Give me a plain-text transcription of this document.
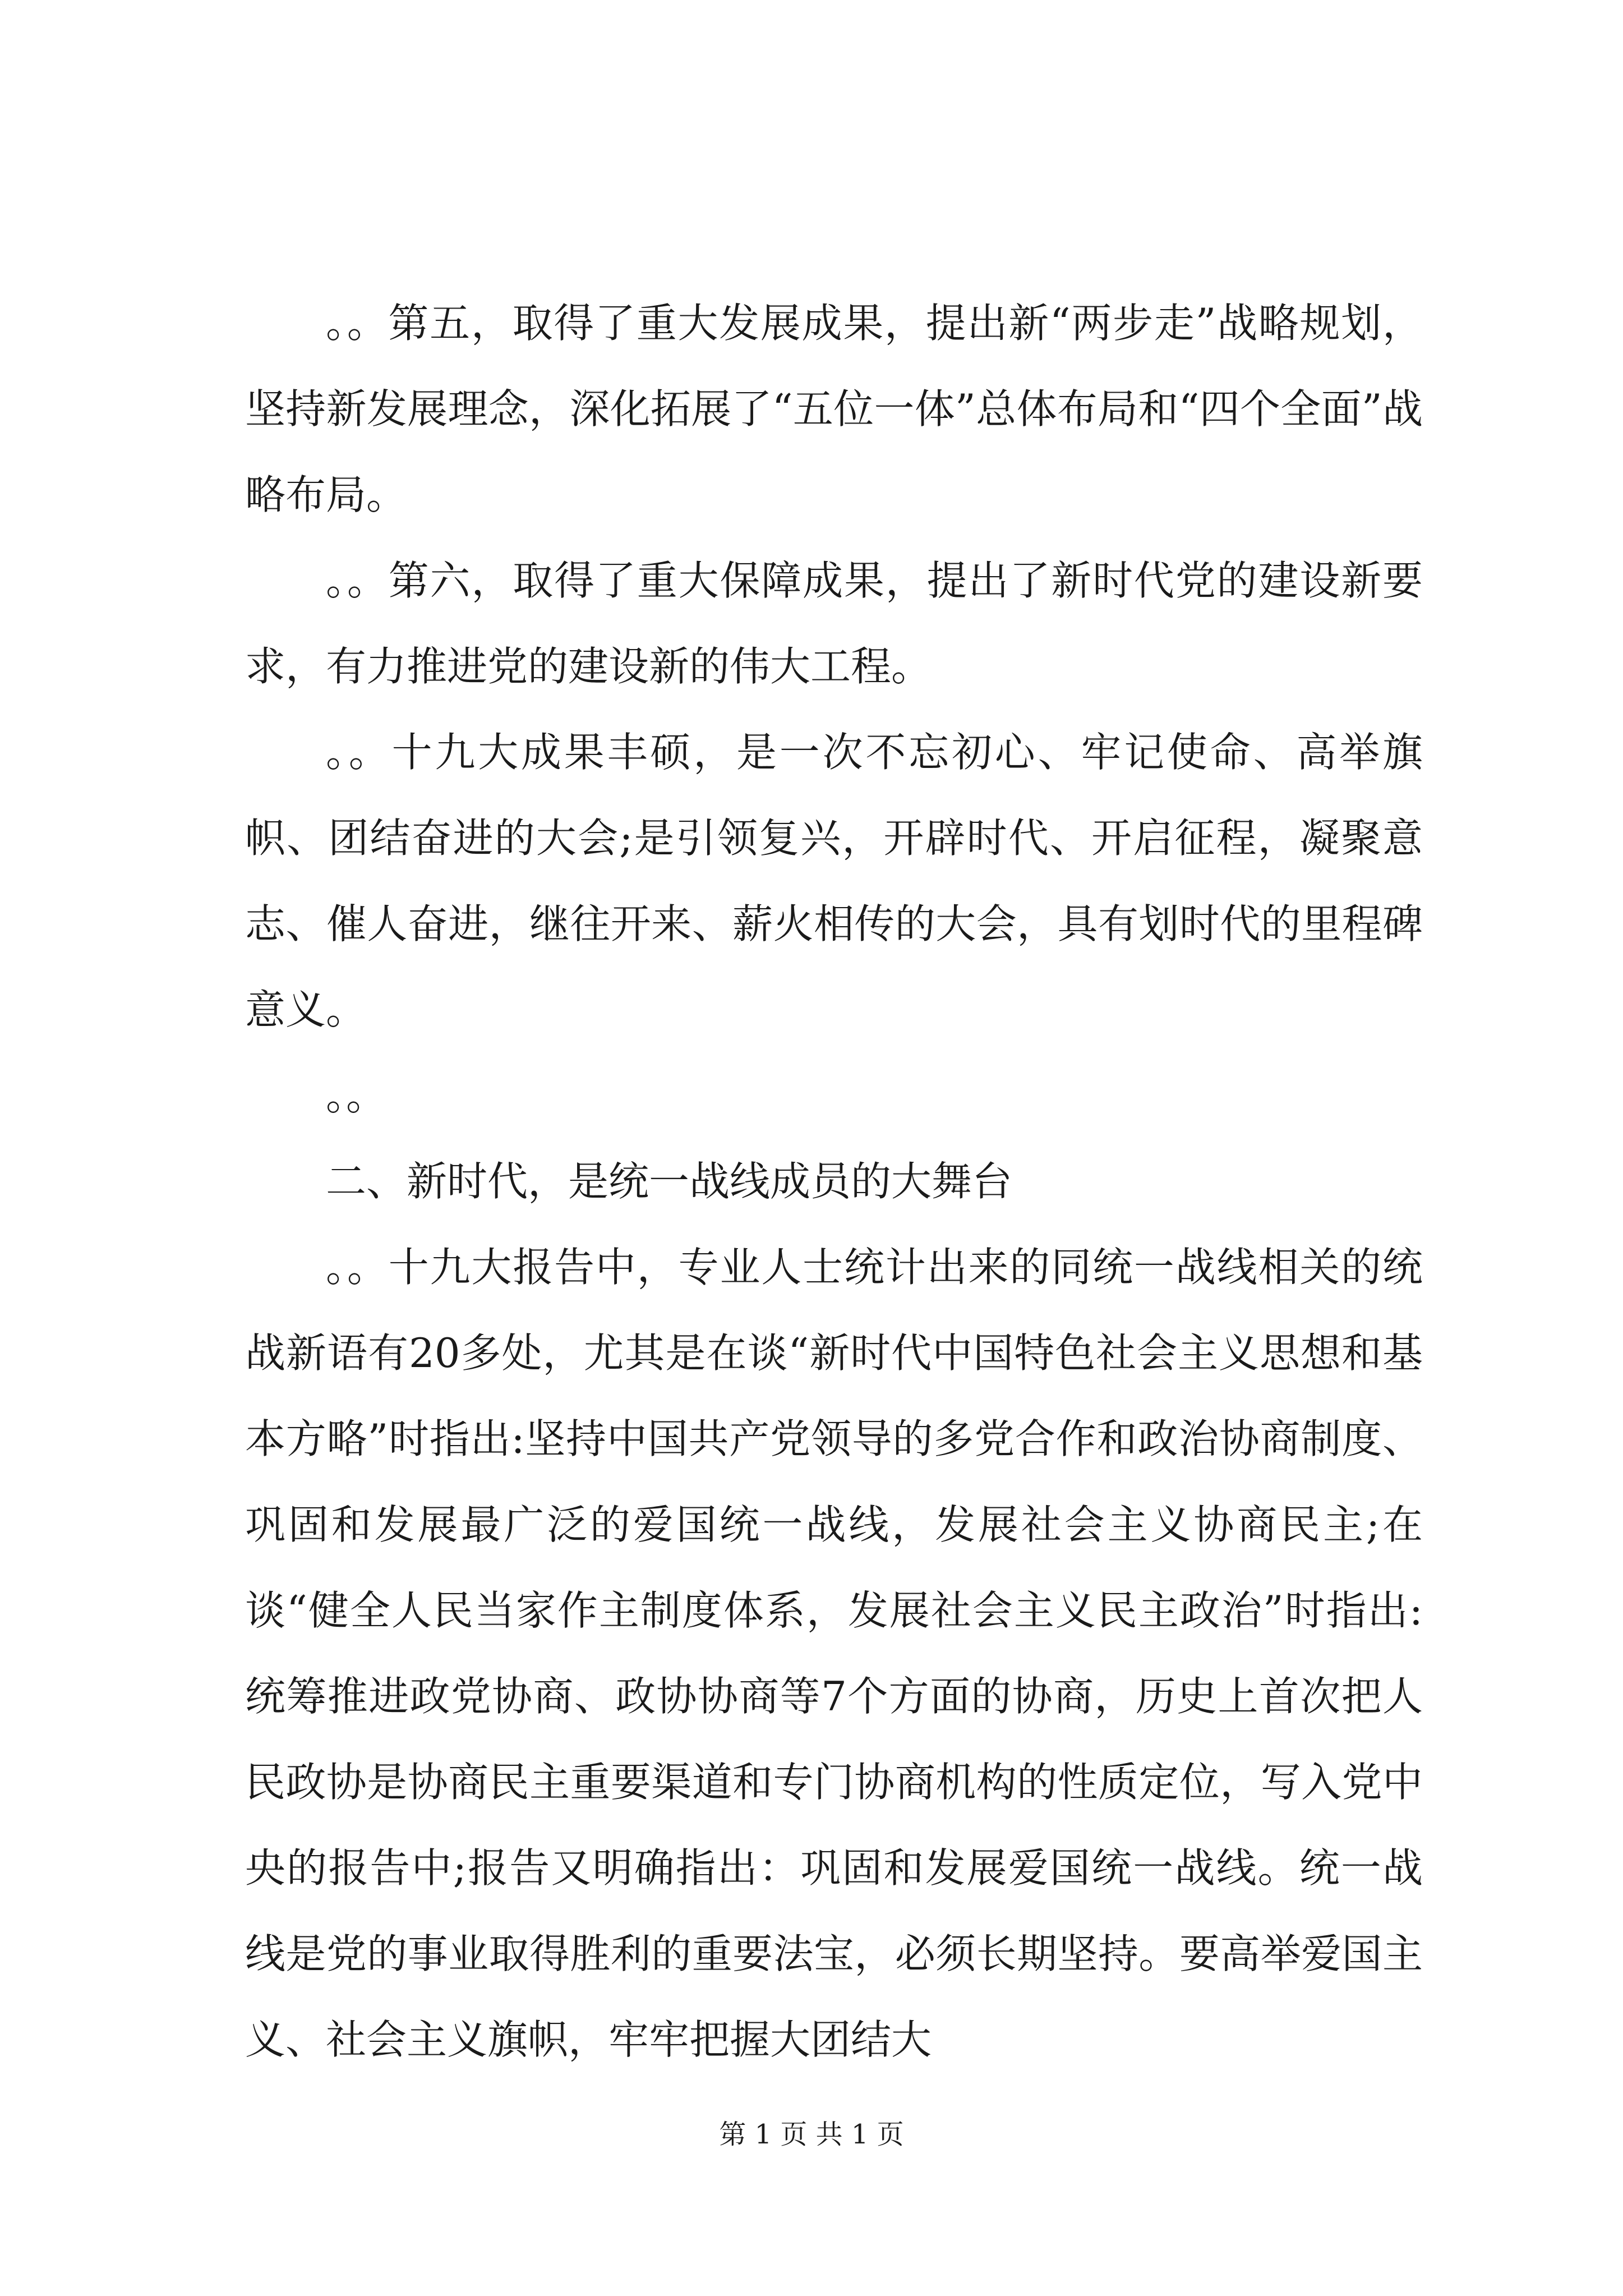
。。第五，取得了重大发展成果，提出新“两步走”战略规划，坚持新发展理念，深化拓展了“五位一体”总体布局和“四个全面”战略布局。

。。第六，取得了重大保障成果，提出了新时代党的建设新要求，有力推进党的建设新的伟大工程。

。。十九大成果丰硕，是一次不忘初心、牢记使命、高举旗帜、团结奋进的大会;是引领复兴，开辟时代、开启征程，凝聚意志、催人奋进，继往开来、薪火相传的大会，具有划时代的里程碑意义。

。。

二、新时代，是统一战线成员的大舞台

。。十九大报告中，专业人士统计出来的同统一战线相关的统战新语有20多处，尤其是在谈“新时代中国特色社会主义思想和基本方略”时指出:坚持中国共产党领导的多党合作和政治协商制度、巩固和发展最广泛的爱国统一战线，发展社会主义协商民主;在谈“健全人民当家作主制度体系，发展社会主义民主政治”时指出:统筹推进政党协商、政协协商等7个方面的协商，历史上首次把人民政协是协商民主重要渠道和专门协商机构的性质定位，写入党中央的报告中;报告又明确指出：巩固和发展爱国统一战线。统一战线是党的事业取得胜利的重要法宝，必须长期坚持。要高举爱国主义、社会主义旗帜，牢牢把握大团结大

第 1 页 共 1 页
